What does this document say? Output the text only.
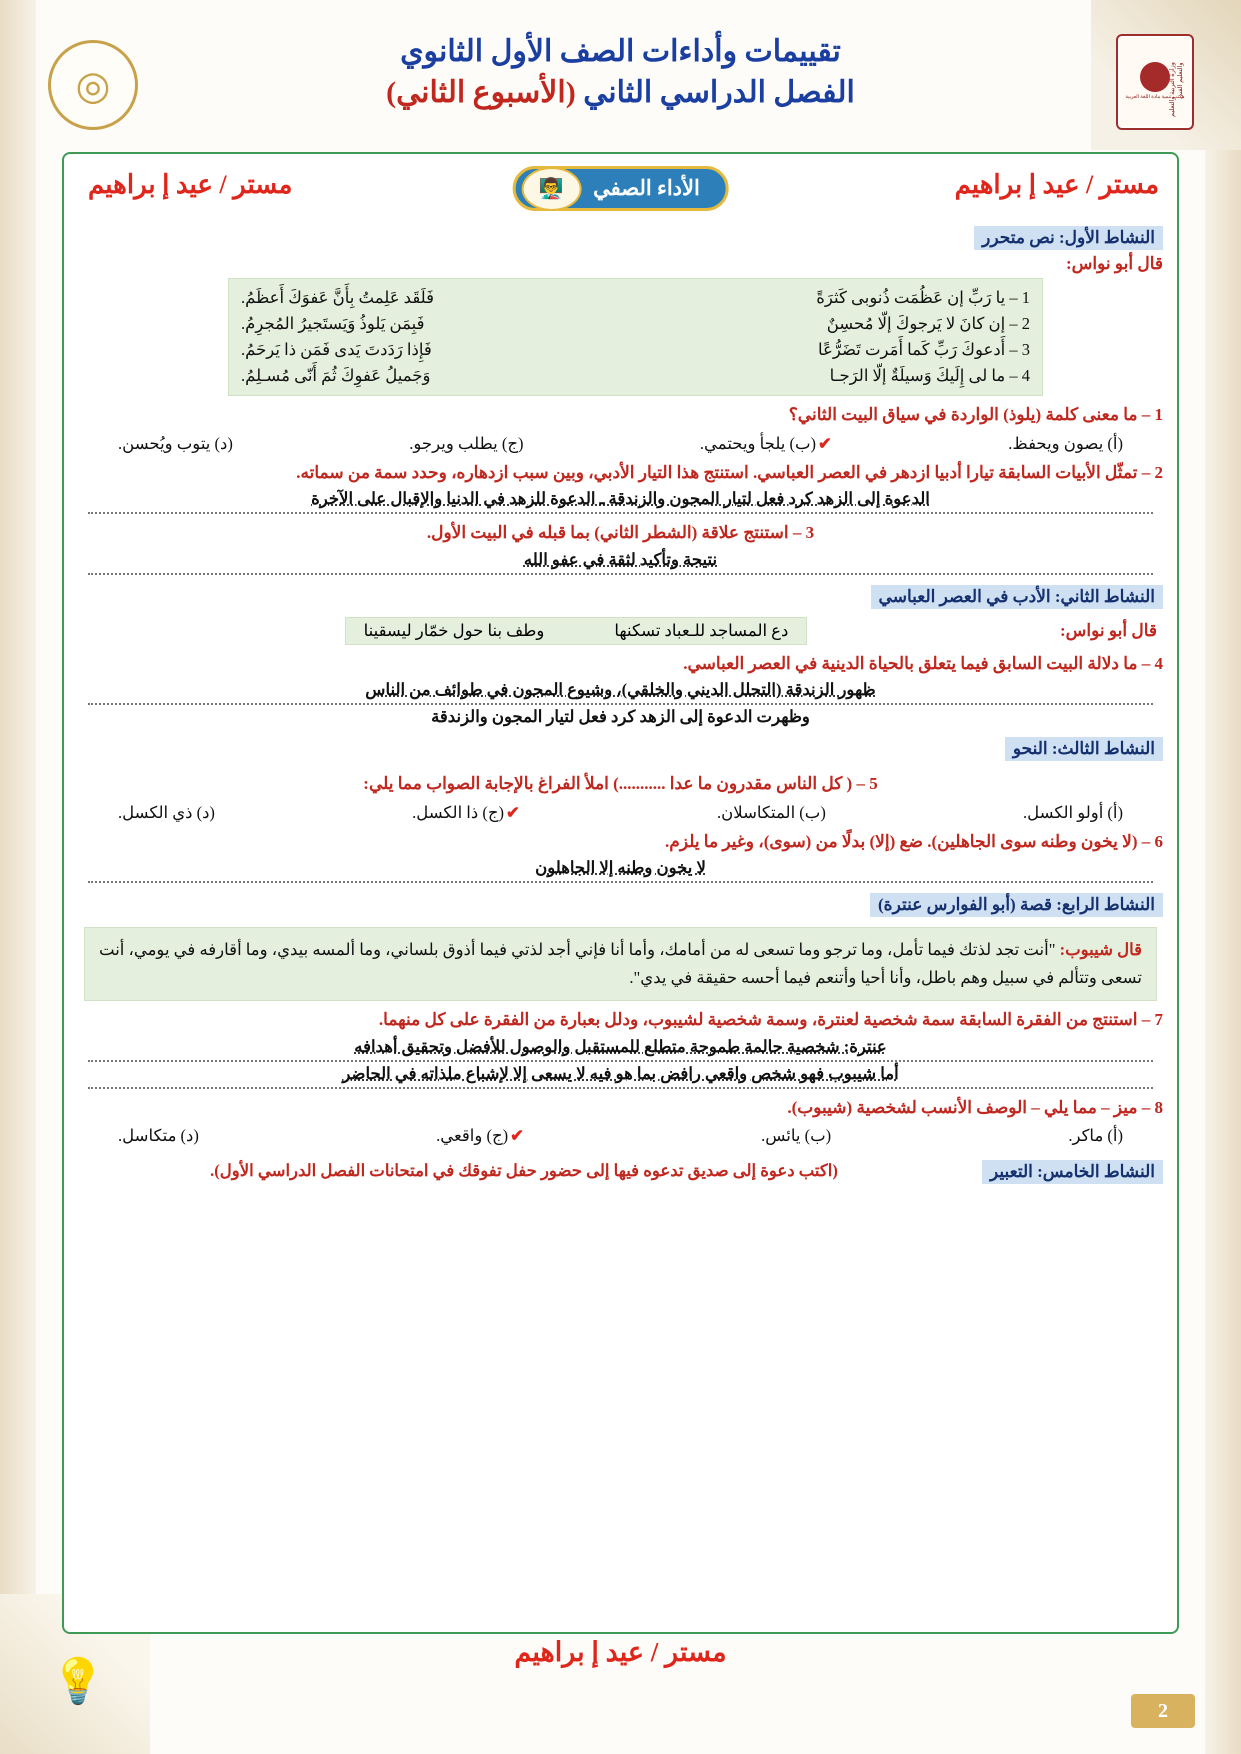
مكتب تنمية مادة اللغة العربية
وزارة التربية والتعليم والتعليم الفني
تقييمات وأداءات الصف الأول الثانوي
الفصل الدراسي الثاني (الأسبوع الثاني)
◎
مستر / عيد إ براهيم
مستر / عيد إ براهيم	👨‍🏫	الأداء الصفي
النشاط الأول: نص متحرر
قال أبو نواس:
1 – يا رَبِّ إن عَظُمَت ذُنوبى كَثرَةً
فَلَقَد عَلِمتُ بِأَنَّ عَفوَكَ أَعظَمُ.
2 – إن كانَ لا يَرجوكَ إلّا مُحسِنٌ
فَبِمَن يَلوذُ وَيَستَجيرُ المُجرِمُ.
3 – أَدعوكَ رَبِّ كَما أَمَرت تَضَرُّعًا
فَإِذا رَدَدتَ يَدى فَمَن ذا يَرحَمُ.
4 – ما لى إِلَيكَ وَسيلَةٌ إلّا الرَجـا
وَجَميلُ عَفوِكَ ثُمَ أَنّى مُسـلِمُ.
1 – ما معنى كلمة (يلوذ) الواردة في سياق البيت الثاني؟
(أ) يصون ويحفظ.
✔(ب) يلجأ ويحتمي.
(ج) يطلب ويرجو.
(د) يتوب ويُحسن.
2 – تمثّل الأبيات السابقة تيارا أدبيا ازدهر في العصر العباسي. استنتج هذا التيار الأدبي، وبين سبب ازدهاره، وحدد سمة من سماته.
الدعوة إلى الزهد كرد فعل لتيار المجون والزندقة ـ الدعوة للزهد في الدنيا والإقبال على الآخرة
3 – استنتج علاقة (الشطر الثاني) بما قبله في البيت الأول.
نتيجة وتأكيد لثقة في عفو الله
النشاط الثاني: الأدب في العصر العباسي
قال أبو نواس:
دع المساجد للـعباد تسكنها
وطف بنا حول خمّار ليسقينا
4 – ما دلالة البيت السابق فيما يتعلق بالحياة الدينية في العصر العباسي.
ظهور الزندقة (التحلل الديني والخلقي)، وشيوع المجون في طوائف من الناس
وظهرت الدعوة إلى الزهد كرد فعل لتيار المجون والزندقة
النشاط الثالث: النحو
5 – ( كل الناس مقدرون ما عدا ...........) املأ الفراغ بالإجابة الصواب مما يلي:
(أ) أولو الكسل.
(ب) المتكاسلان.
✔(ج) ذا الكسل.
(د) ذي الكسل.
6 – (لا يخون وطنه سوى الجاهلين). ضع (إلا) بدلًا من (سوى)، وغير ما يلزم.
لا يخون وطنه إلا الجاهلون
النشاط الرابع: قصة (أبو الفوارس عنترة)
قال شيبوب: "أنت تجد لذتك فيما تأمل، وما ترجو وما تسعى له من أمامك، وأما أنا فإني أجد لذتي فيما أذوق بلساني، وما ألمسه بيدي، وما أقارفه في يومي، أنت تسعى وتتألم في سبيل وهم باطل، وأنا أحيا وأتنعم فيما أحسه حقيقة في يدي".
7 – استنتج من الفقرة السابقة سمة شخصية لعنترة، وسمة شخصية لشيبوب، ودلل بعبارة من الفقرة على كل منهما.
عنترة: شخصية حالمة طموحة متطلع للمستقبل والوصول للأفضل وتحقيق أهدافه
أما شيبوب فهو شخص واقعي رافض بما هو فيه لا يسعى إلا لإشباع ملذاته في الحاضر
8 – ميز – مما يلي – الوصف الأنسب لشخصية (شيبوب).
(أ) ماكر.
(ب) يائس.
✔(ج) واقعي.
(د) متكاسل.
النشاط الخامس: التعبير
(اكتب دعوة إلى صديق تدعوه فيها إلى حضور حفل تفوقك في امتحانات الفصل الدراسي الأول).
مستر / عيد إ براهيم
💡
2
